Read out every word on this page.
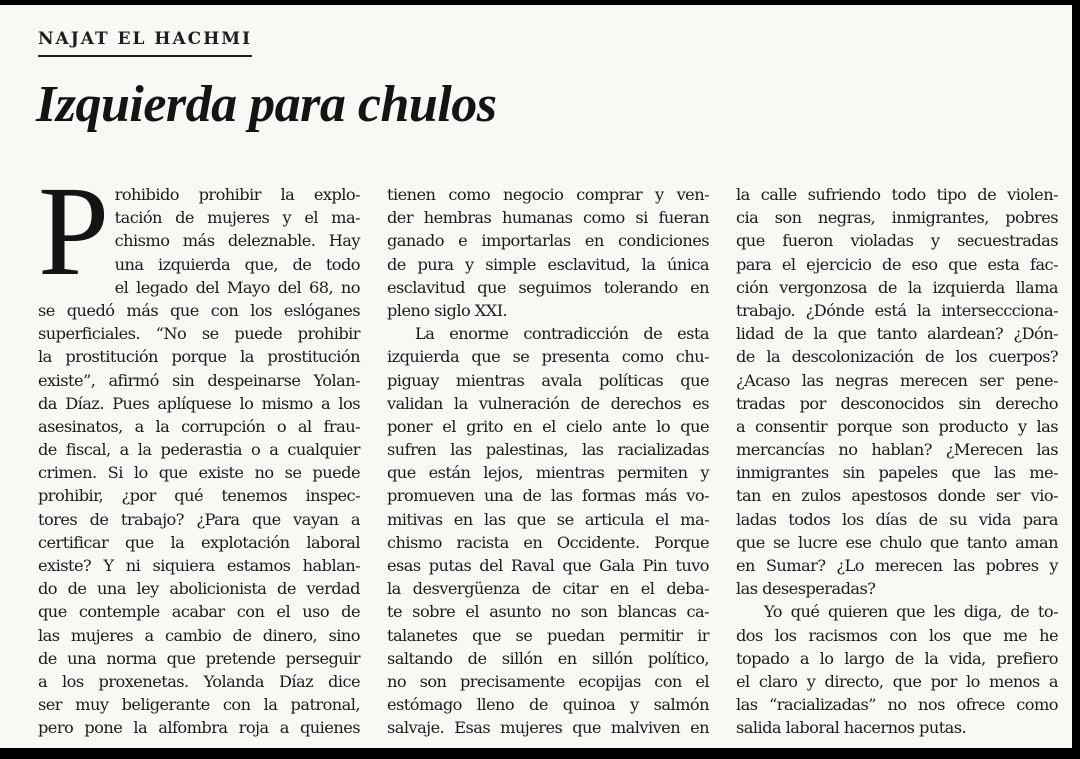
NAJAT EL HACHMI
Izquierda para chulos
P rohibido prohibir la explo-
tación de mujeres y el ma-
chismo más deleznable. Hay
una izquierda que, de todo
el legado del Mayo del 68, no
se quedó más que con los eslóganes
superficiales. “No se puede prohibir
la prostitución porque la prostitución
existe”, afirmó sin despeinarse Yolan-
da Díaz. Pues aplíquese lo mismo a los
asesinatos, a la corrupción o al frau-
de fiscal, a la pederastia o a cualquier
crimen. Si lo que existe no se puede
prohibir, ¿por qué tenemos inspec-
tores de trabajo? ¿Para que vayan a
certificar que la explotación laboral
existe? Y ni siquiera estamos hablan-
do de una ley abolicionista de verdad
que contemple acabar con el uso de
las mujeres a cambio de dinero, sino
de una norma que pretende perseguir
a los proxenetas. Yolanda Díaz dice
ser muy beligerante con la patronal,
pero pone la alfombra roja a quienes
tienen como negocio comprar y ven-
der hembras humanas como si fueran
ganado e importarlas en condiciones
de pura y simple esclavitud, la única
esclavitud que seguimos tolerando en
pleno siglo XXI.
La enorme contradicción de esta
izquierda que se presenta como chu-
piguay mientras avala políticas que
validan la vulneración de derechos es
poner el grito en el cielo ante lo que
sufren las palestinas, las racializadas
que están lejos, mientras permiten y
promueven una de las formas más vo-
mitivas en las que se articula el ma-
chismo racista en Occidente. Porque
esas putas del Raval que Gala Pin tuvo
la desvergüenza de citar en el deba-
te sobre el asunto no son blancas ca-
talanetes que se puedan permitir ir
saltando de sillón en sillón político,
no son precisamente ecopijas con el
estómago lleno de quinoa y salmón
salvaje. Esas mujeres que malviven en
la calle sufriendo todo tipo de violen-
cia son negras, inmigrantes, pobres
que fueron violadas y secuestradas
para el ejercicio de eso que esta fac-
ción vergonzosa de la izquierda llama
trabajo. ¿Dónde está la interseccciona-
lidad de la que tanto alardean? ¿Dón-
de la descolonización de los cuerpos?
¿Acaso las negras merecen ser pene-
tradas por desconocidos sin derecho
a consentir porque son producto y las
mercancías no hablan? ¿Merecen las
inmigrantes sin papeles que las me-
tan en zulos apestosos donde ser vio-
ladas todos los días de su vida para
que se lucre ese chulo que tanto aman
en Sumar? ¿Lo merecen las pobres y
las desesperadas?
Yo qué quieren que les diga, de to-
dos los racismos con los que me he
topado a lo largo de la vida, prefiero
el claro y directo, que por lo menos a
las “racializadas” no nos ofrece como
salida laboral hacernos putas.
